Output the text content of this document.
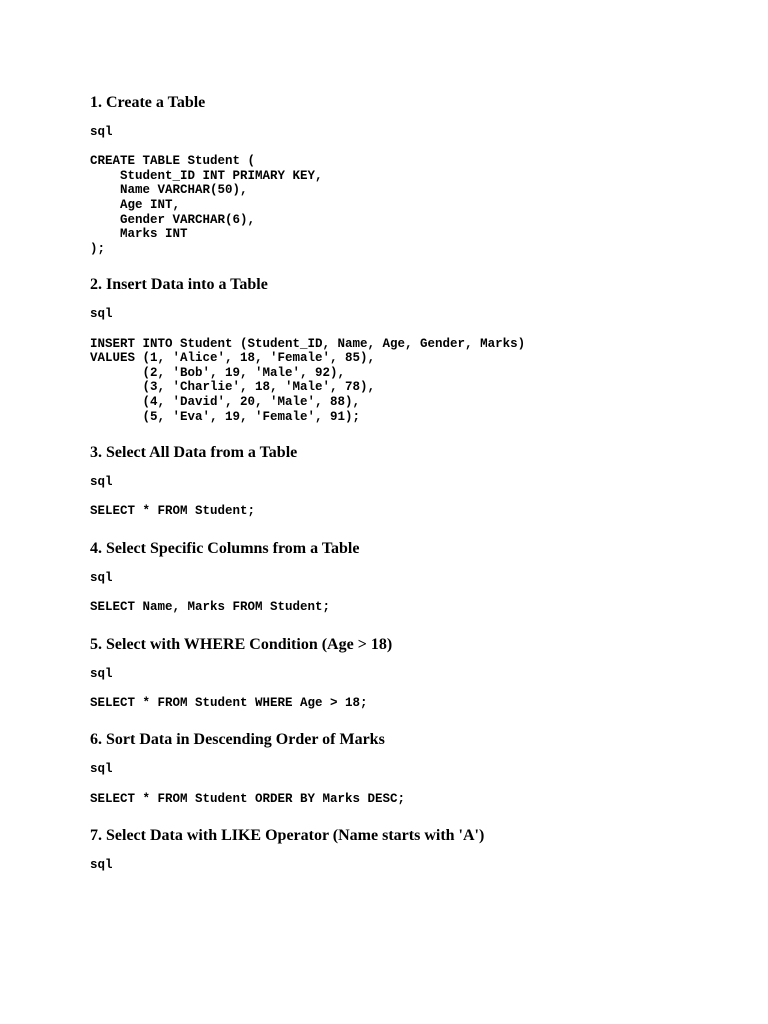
1. Create a Table
sql
CREATE TABLE Student (
Student_ID INT PRIMARY KEY,
Name VARCHAR(50),
Age INT,
Gender VARCHAR(6),
Marks INT
);
2. Insert Data into a Table
sql
INSERT INTO Student (Student_ID, Name, Age, Gender, Marks)
VALUES (1, 'Alice', 18, 'Female', 85),
(2, 'Bob', 19, 'Male', 92),
(3, 'Charlie', 18, 'Male', 78),
(4, 'David', 20, 'Male', 88),
(5, 'Eva', 19, 'Female', 91);
3. Select All Data from a Table
sql
SELECT * FROM Student;
4. Select Specific Columns from a Table
sql
SELECT Name, Marks FROM Student;
5. Select with WHERE Condition (Age > 18)
sql
SELECT * FROM Student WHERE Age > 18;
6. Sort Data in Descending Order of Marks
sql
SELECT * FROM Student ORDER BY Marks DESC;
7. Select Data with LIKE Operator (Name starts with 'A')
sql
